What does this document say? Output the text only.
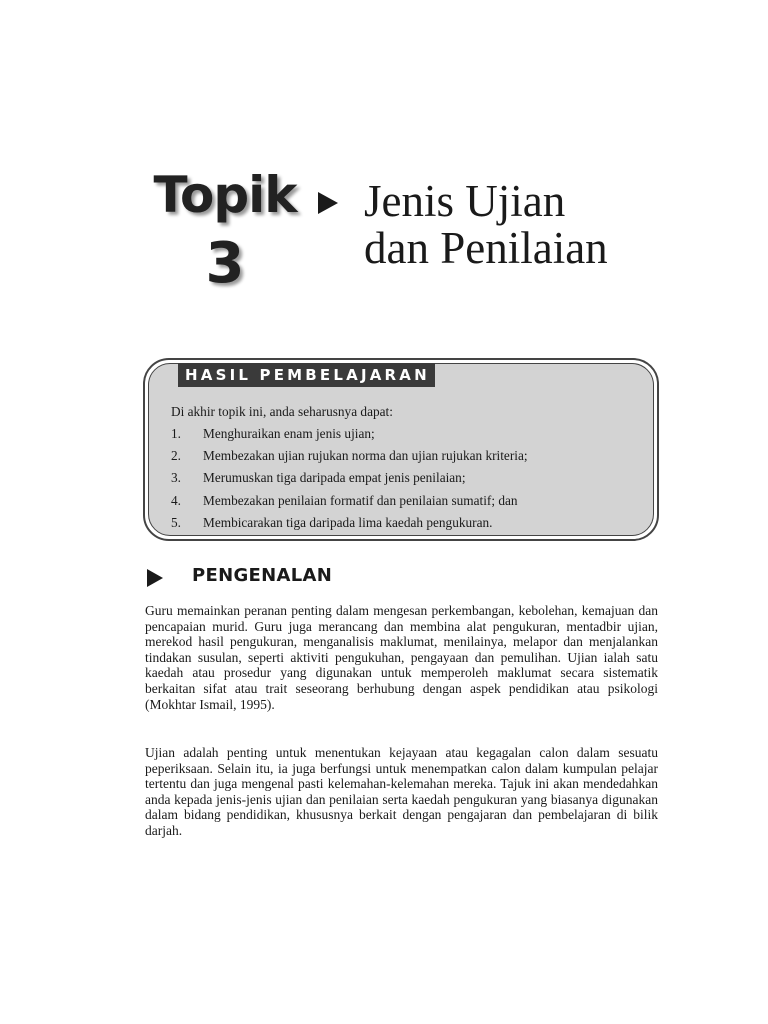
Topik
3
Jenis Ujian
dan Penilaian
HASIL PEMBELAJARAN
Di akhir topik ini, anda seharusnya dapat:
1.	Menghuraikan enam jenis ujian;
2.	Membezakan ujian rujukan norma dan ujian rujukan kriteria;
3.	Merumuskan tiga daripada empat jenis penilaian;
4.	Membezakan penilaian formatif dan penilaian sumatif; dan
5.	Membicarakan tiga daripada lima kaedah pengukuran.
PENGENALAN

Guru memainkan peranan penting dalam mengesan perkembangan, kebolehan, kemajuan dan pencapaian murid. Guru juga merancang dan membina alat pengukuran, mentadbir ujian, merekod hasil pengukuran, menganalisis maklumat, menilainya, melapor dan menjalankan tindakan susulan, seperti aktiviti pengukuhan, pengayaan dan pemulihan. Ujian ialah satu kaedah atau prosedur yang digunakan untuk memperoleh maklumat secara sistematik berkaitan sifat atau trait seseorang berhubung dengan aspek pendidikan atau psikologi (Mokhtar Ismail, 1995).

Ujian adalah penting untuk menentukan kejayaan atau kegagalan calon dalam sesuatu peperiksaan. Selain itu, ia juga berfungsi untuk menempatkan calon dalam kumpulan pelajar tertentu dan juga mengenal pasti kelemahan-kelemahan mereka. Tajuk ini akan mendedahkan anda kepada jenis-jenis ujian dan penilaian serta kaedah pengukuran yang biasanya digunakan dalam bidang pendidikan, khususnya berkait dengan pengajaran dan pembelajaran di bilik darjah.
